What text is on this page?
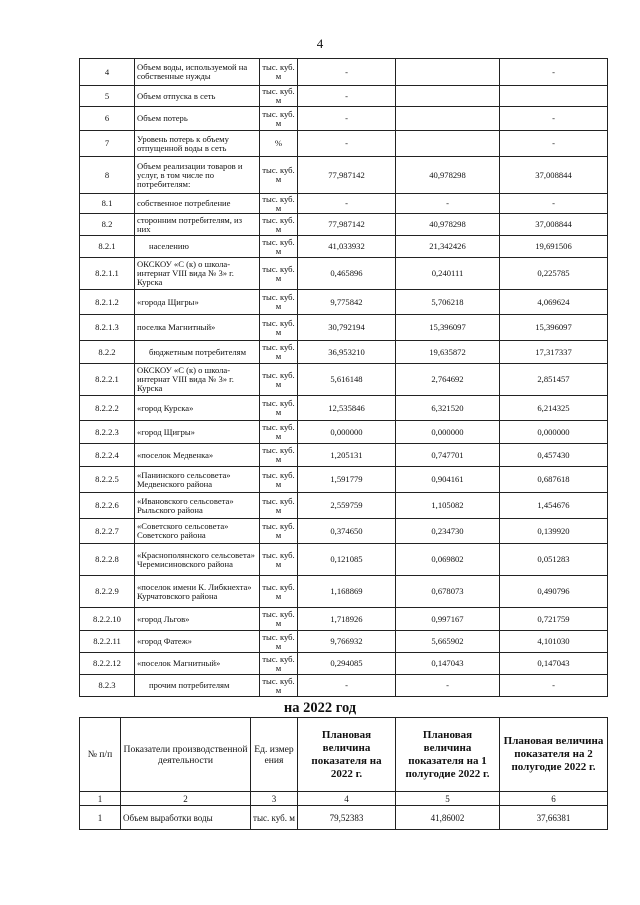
4
4	Объем воды, используемой на собственные нужды	тыс. куб. м	-		-
5	Объем отпуска в сеть	тыс. куб. м	-		
6	Объем потерь	тыс. куб. м	-		-
7	Уровень потерь к объему отпущенной воды в сеть	%	-		-
8	Объем реализации товаров и услуг, в том числе по потребителям:	тыс. куб. м	77,987142	40,978298	37,008844
8.1	собственное потребление	тыс. куб. м	-	-	-
8.2	сторонним потребителям, из них	тыс. куб. м	77,987142	40,978298	37,008844
8.2.1	населению	тыс. куб. м	41,033932	21,342426	19,691506
8.2.1.1	ОКСКОУ «С (к) о школа-интернат VIII вида № 3» г. Курска	тыс. куб. м	0,465896	0,240111	0,225785
8.2.1.2	«города Щигры»	тыс. куб. м	9,775842	5,706218	4,069624
8.2.1.3	поселка Магнитный»	тыс. куб. м	30,792194	15,396097	15,396097
8.2.2	бюджетным потребителям	тыс. куб. м	36,953210	19,635872	17,317337
8.2.2.1	ОКСКОУ «С (к) о школа-интернат VIII вида № 3» г. Курска	тыс. куб. м	5,616148	2,764692	2,851457
8.2.2.2	«город Курска»	тыс. куб. м	12,535846	6,321520	6,214325
8.2.2.3	«город Щигры»	тыс. куб. м	0,000000	0,000000	0,000000
8.2.2.4	«поселок Медвенка»	тыс. куб. м	1,205131	0,747701	0,457430
8.2.2.5	«Панинского сельсовета» Медвенского района	тыс. куб. м	1,591779	0,904161	0,687618
8.2.2.6	«Ивановского сельсовета» Рыльского района	тыс. куб. м	2,559759	1,105082	1,454676
8.2.2.7	«Советского сельсовета» Советского района	тыс. куб. м	0,374650	0,234730	0,139920
8.2.2.8	«Краснополянского сельсовета» Черемисиновского района	тыс. куб. м	0,121085	0,069802	0,051283
8.2.2.9	«поселок имени К. Либкнехта» Курчатовского района	тыс. куб. м	1,168869	0,678073	0,490796
8.2.2.10	«город Льгов»	тыс. куб. м	1,718926	0,997167	0,721759
8.2.2.11	«город Фатеж»	тыс. куб. м	9,766932	5,665902	4,101030
8.2.2.12	«поселок Магнитный»	тыс. куб. м	0,294085	0,147043	0,147043
8.2.3	прочим потребителям	тыс. куб. м	-	-	-
на 2022 год
№ п/п	Показатели производственной деятельности	Ед. измер ения	Плановая величина показателя на 2022 г.	Плановая величина показателя на 1 полугодие 2022 г.	Плановая величина показателя на 2 полугодие 2022 г.
1	2	3	4	5	6
1	Объем выработки воды	тыс. куб. м	79,52383	41,86002	37,66381
